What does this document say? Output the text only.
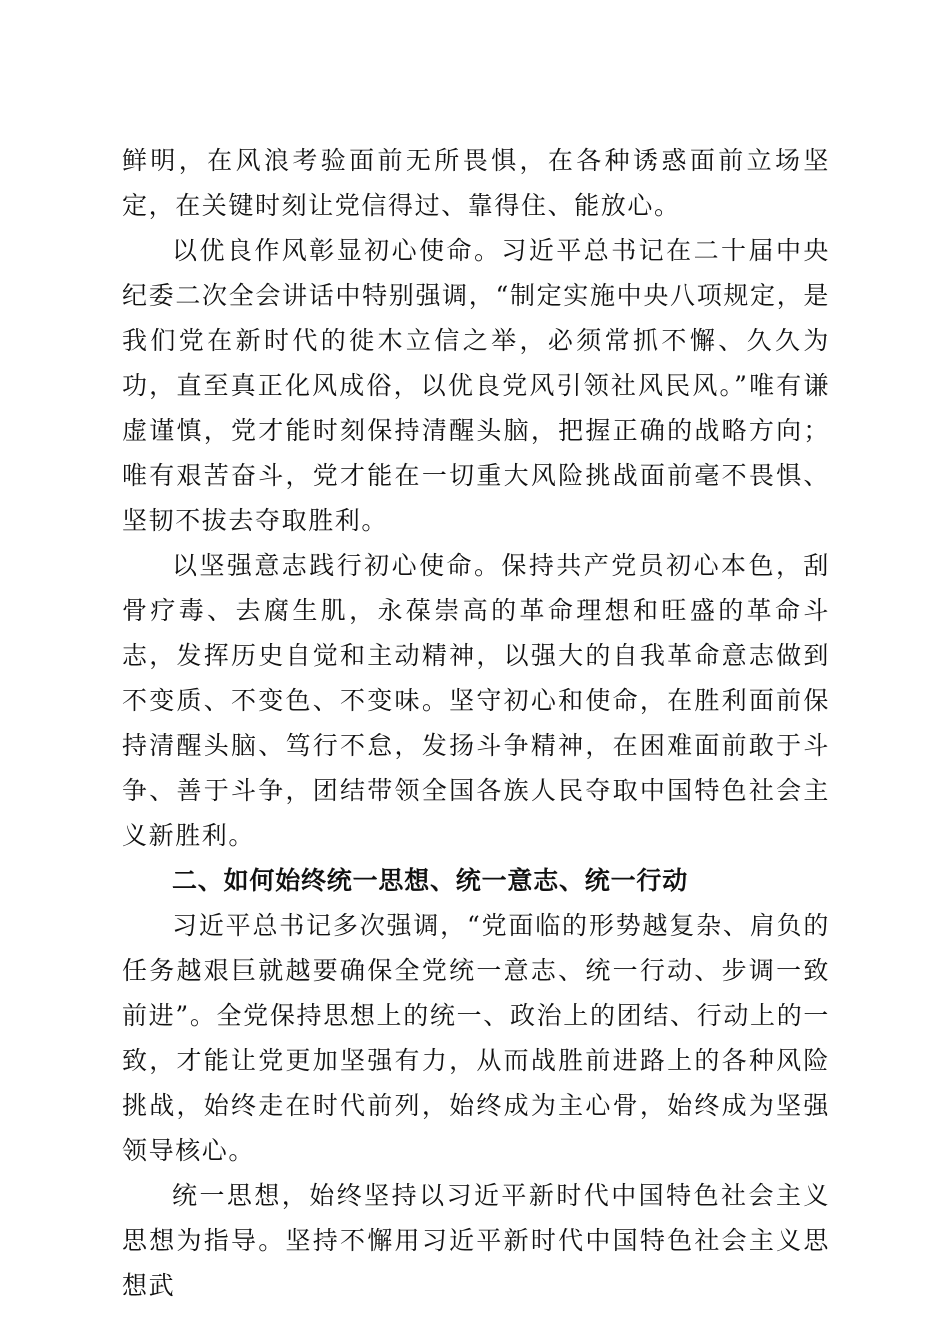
鲜明，在风浪考验面前无所畏惧，在各种诱惑面前立场坚定，在关键时刻让党信得过、靠得住、能放心。

以优良作风彰显初心使命。习近平总书记在二十届中央纪委二次全会讲话中特别强调，“制定实施中央八项规定，是我们党在新时代的徙木立信之举，必须常抓不懈、久久为功，直至真正化风成俗，以优良党风引领社风民风。”唯有谦虚谨慎，党才能时刻保持清醒头脑，把握正确的战略方向；唯有艰苦奋斗，党才能在一切重大风险挑战面前毫不畏惧、坚韧不拔去夺取胜利。

以坚强意志践行初心使命。保持共产党员初心本色，刮骨疗毒、去腐生肌，永葆崇高的革命理想和旺盛的革命斗志，发挥历史自觉和主动精神，以强大的自我革命意志做到不变质、不变色、不变味。坚守初心和使命，在胜利面前保持清醒头脑、笃行不怠，发扬斗争精神，在困难面前敢于斗争、善于斗争，团结带领全国各族人民夺取中国特色社会主义新胜利。

二、如何始终统一思想、统一意志、统一行动

习近平总书记多次强调，“党面临的形势越复杂、肩负的任务越艰巨就越要确保全党统一意志、统一行动、步调一致前进”。全党保持思想上的统一、政治上的团结、行动上的一致，才能让党更加坚强有力，从而战胜前进路上的各种风险挑战，始终走在时代前列，始终成为主心骨，始终成为坚强领导核心。

统一思想，始终坚持以习近平新时代中国特色社会主义思想为指导。坚持不懈用习近平新时代中国特色社会主义思想武
